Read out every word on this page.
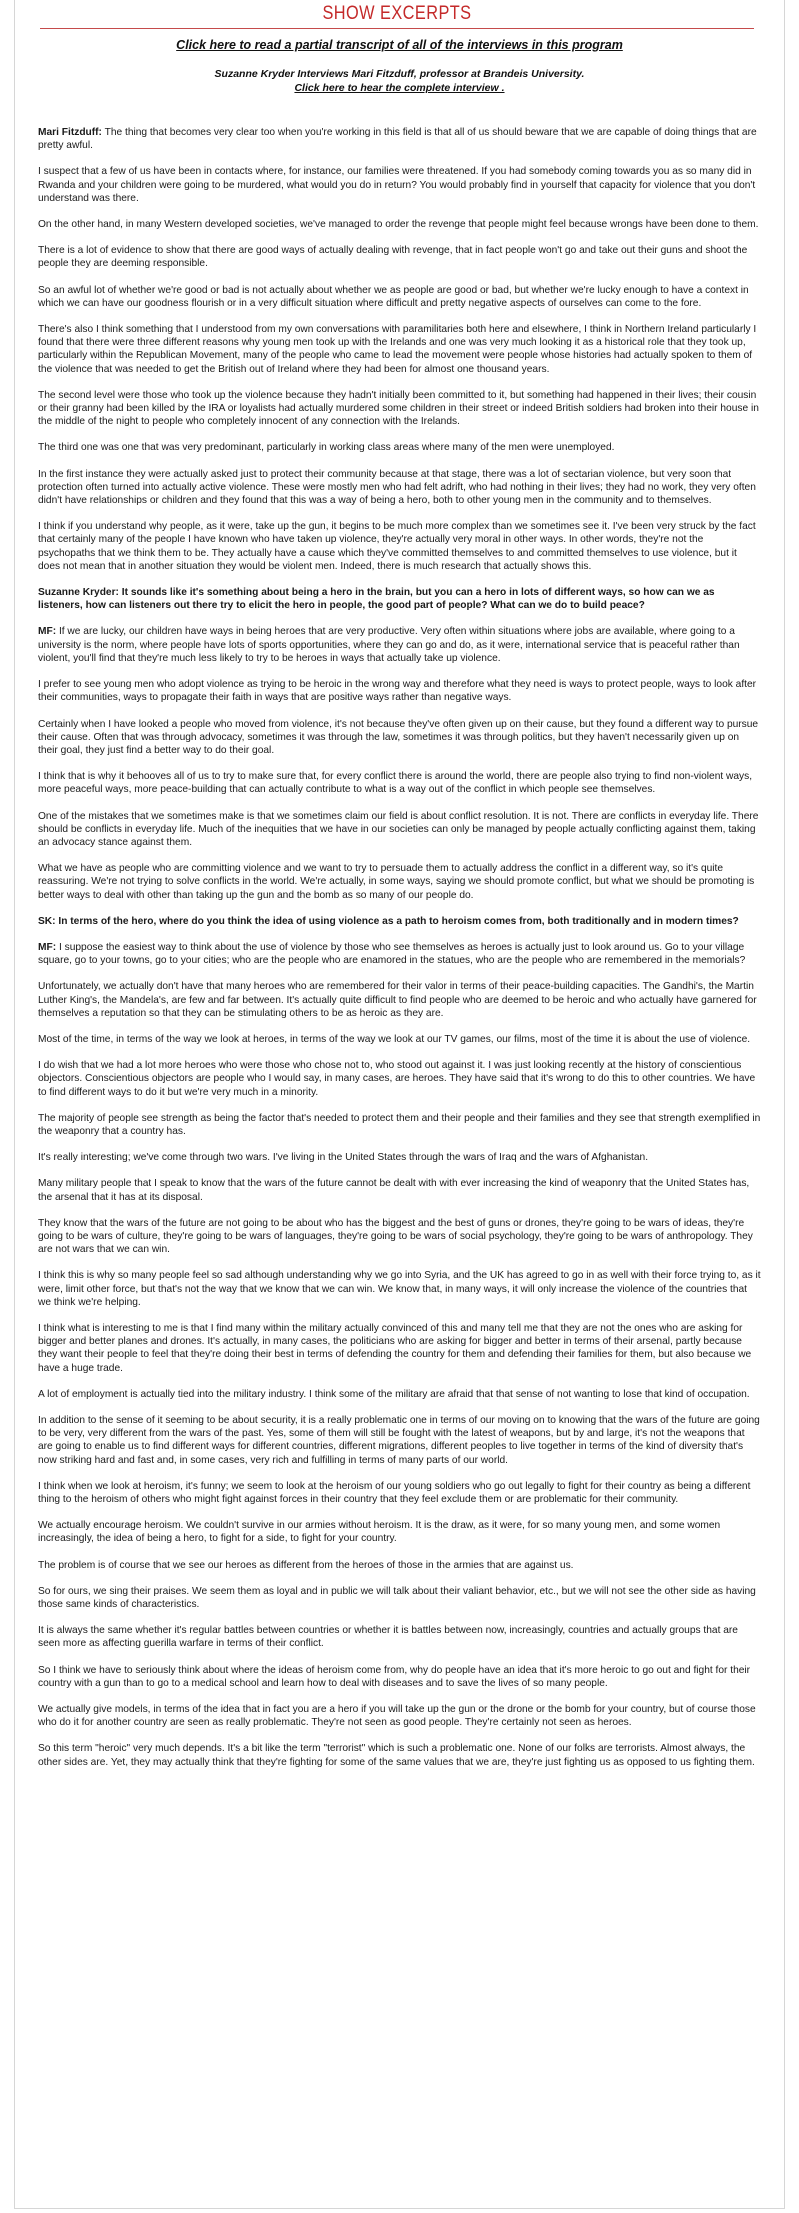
SHOW EXCERPTS
Click here to read a partial transcript of all of the interviews in this program
Suzanne Kryder Interviews Mari Fitzduff, professor at Brandeis University.
Click here to hear the complete interview .

Mari Fitzduff: The thing that becomes very clear too when you're working in this field is that all of us should beware that we are capable of doing things that are pretty awful.

I suspect that a few of us have been in contacts where, for instance, our families were threatened. If you had somebody coming towards you as so many did in Rwanda and your children were going to be murdered, what would you do in return? You would probably find in yourself that capacity for violence that you don't understand was there.

On the other hand, in many Western developed societies, we've managed to order the revenge that people might feel because wrongs have been done to them.

There is a lot of evidence to show that there are good ways of actually dealing with revenge, that in fact people won't go and take out their guns and shoot the people they are deeming responsible.

So an awful lot of whether we're good or bad is not actually about whether we as people are good or bad, but whether we're lucky enough to have a context in which we can have our goodness flourish or in a very difficult situation where difficult and pretty negative aspects of ourselves can come to the fore.

There's also I think something that I understood from my own conversations with paramilitaries both here and elsewhere, I think in Northern Ireland particularly I found that there were three different reasons why young men took up with the Irelands and one was very much looking it as a historical role that they took up, particularly within the Republican Movement, many of the people who came to lead the movement were people whose histories had actually spoken to them of the violence that was needed to get the British out of Ireland where they had been for almost one thousand years.

The second level were those who took up the violence because they hadn't initially been committed to it, but something had happened in their lives; their cousin or their granny had been killed by the IRA or loyalists had actually murdered some children in their street or indeed British soldiers had broken into their house in the middle of the night to people who completely innocent of any connection with the Irelands.

The third one was one that was very predominant, particularly in working class areas where many of the men were unemployed.

In the first instance they were actually asked just to protect their community because at that stage, there was a lot of sectarian violence, but very soon that protection often turned into actually active violence. These were mostly men who had felt adrift, who had nothing in their lives; they had no work, they very often didn't have relationships or children and they found that this was a way of being a hero, both to other young men in the community and to themselves.

I think if you understand why people, as it were, take up the gun, it begins to be much more complex than we sometimes see it. I've been very struck by the fact that certainly many of the people I have known who have taken up violence, they're actually very moral in other ways. In other words, they're not the psychopaths that we think them to be. They actually have a cause which they've committed themselves to and committed themselves to use violence, but it does not mean that in another situation they would be violent men. Indeed, there is much research that actually shows this.

Suzanne Kryder: It sounds like it's something about being a hero in the brain, but you can a hero in lots of different ways, so how can we as listeners, how can listeners out there try to elicit the hero in people, the good part of people? What can we do to build peace?

MF: If we are lucky, our children have ways in being heroes that are very productive. Very often within situations where jobs are available, where going to a university is the norm, where people have lots of sports opportunities, where they can go and do, as it were, international service that is peaceful rather than violent, you'll find that they're much less likely to try to be heroes in ways that actually take up violence.

I prefer to see young men who adopt violence as trying to be heroic in the wrong way and therefore what they need is ways to protect people, ways to look after their communities, ways to propagate their faith in ways that are positive ways rather than negative ways.

Certainly when I have looked a people who moved from violence, it's not because they've often given up on their cause, but they found a different way to pursue their cause. Often that was through advocacy, sometimes it was through the law, sometimes it was through politics, but they haven't necessarily given up on their goal, they just find a better way to do their goal.

I think that is why it behooves all of us to try to make sure that, for every conflict there is around the world, there are people also trying to find non-violent ways, more peaceful ways, more peace-building that can actually contribute to what is a way out of the conflict in which people see themselves.

One of the mistakes that we sometimes make is that we sometimes claim our field is about conflict resolution. It is not. There are conflicts in everyday life. There should be conflicts in everyday life. Much of the inequities that we have in our societies can only be managed by people actually conflicting against them, taking an advocacy stance against them.

What we have as people who are committing violence and we want to try to persuade them to actually address the conflict in a different way, so it's quite reassuring. We're not trying to solve conflicts in the world. We're actually, in some ways, saying we should promote conflict, but what we should be promoting is better ways to deal with other than taking up the gun and the bomb as so many of our people do.

SK: In terms of the hero, where do you think the idea of using violence as a path to heroism comes from, both traditionally and in modern times?

MF: I suppose the easiest way to think about the use of violence by those who see themselves as heroes is actually just to look around us. Go to your village square, go to your towns, go to your cities; who are the people who are enamored in the statues, who are the people who are remembered in the memorials?

Unfortunately, we actually don't have that many heroes who are remembered for their valor in terms of their peace-building capacities. The Gandhi's, the Martin Luther King's, the Mandela's, are few and far between. It's actually quite difficult to find people who are deemed to be heroic and who actually have garnered for themselves a reputation so that they can be stimulating others to be as heroic as they are.

Most of the time, in terms of the way we look at heroes, in terms of the way we look at our TV games, our films, most of the time it is about the use of violence.

I do wish that we had a lot more heroes who were those who chose not to, who stood out against it. I was just looking recently at the history of conscientious objectors. Conscientious objectors are people who I would say, in many cases, are heroes. They have said that it's wrong to do this to other countries. We have to find different ways to do it but we're very much in a minority.

The majority of people see strength as being the factor that's needed to protect them and their people and their families and they see that strength exemplified in the weaponry that a country has.

It's really interesting; we've come through two wars. I've living in the United States through the wars of Iraq and the wars of Afghanistan.

Many military people that I speak to know that the wars of the future cannot be dealt with with ever increasing the kind of weaponry that the United States has, the arsenal that it has at its disposal.

They know that the wars of the future are not going to be about who has the biggest and the best of guns or drones, they're going to be wars of ideas, they're going to be wars of culture, they're going to be wars of languages, they're going to be wars of social psychology, they're going to be wars of anthropology. They are not wars that we can win.

I think this is why so many people feel so sad although understanding why we go into Syria, and the UK has agreed to go in as well with their force trying to, as it were, limit other force, but that's not the way that we know that we can win. We know that, in many ways, it will only increase the violence of the countries that we think we're helping.

I think what is interesting to me is that I find many within the military actually convinced of this and many tell me that they are not the ones who are asking for bigger and better planes and drones. It's actually, in many cases, the politicians who are asking for bigger and better in terms of their arsenal, partly because they want their people to feel that they're doing their best in terms of defending the country for them and defending their families for them, but also because we have a huge trade.

A lot of employment is actually tied into the military industry. I think some of the military are afraid that that sense of not wanting to lose that kind of occupation.

In addition to the sense of it seeming to be about security, it is a really problematic one in terms of our moving on to knowing that the wars of the future are going to be very, very different from the wars of the past. Yes, some of them will still be fought with the latest of weapons, but by and large, it's not the weapons that are going to enable us to find different ways for different countries, different migrations, different peoples to live together in terms of the kind of diversity that's now striking hard and fast and, in some cases, very rich and fulfilling in terms of many parts of our world.

I think when we look at heroism, it's funny; we seem to look at the heroism of our young soldiers who go out legally to fight for their country as being a different thing to the heroism of others who might fight against forces in their country that they feel exclude them or are problematic for their community.

We actually encourage heroism. We couldn't survive in our armies without heroism. It is the draw, as it were, for so many young men, and some women increasingly, the idea of being a hero, to fight for a side, to fight for your country.

The problem is of course that we see our heroes as different from the heroes of those in the armies that are against us.

So for ours, we sing their praises. We seem them as loyal and in public we will talk about their valiant behavior, etc., but we will not see the other side as having those same kinds of characteristics.

It is always the same whether it's regular battles between countries or whether it is battles between now, increasingly, countries and actually groups that are seen more as affecting guerilla warfare in terms of their conflict.

So I think we have to seriously think about where the ideas of heroism come from, why do people have an idea that it's more heroic to go out and fight for their country with a gun than to go to a medical school and learn how to deal with diseases and to save the lives of so many people.

We actually give models, in terms of the idea that in fact you are a hero if you will take up the gun or the drone or the bomb for your country, but of course those who do it for another country are seen as really problematic. They're not seen as good people. They're certainly not seen as heroes.

So this term "heroic" very much depends. It's a bit like the term "terrorist" which is such a problematic one. None of our folks are terrorists. Almost always, the other sides are. Yet, they may actually think that they're fighting for some of the same values that we are, they're just fighting us as opposed to us fighting them.
